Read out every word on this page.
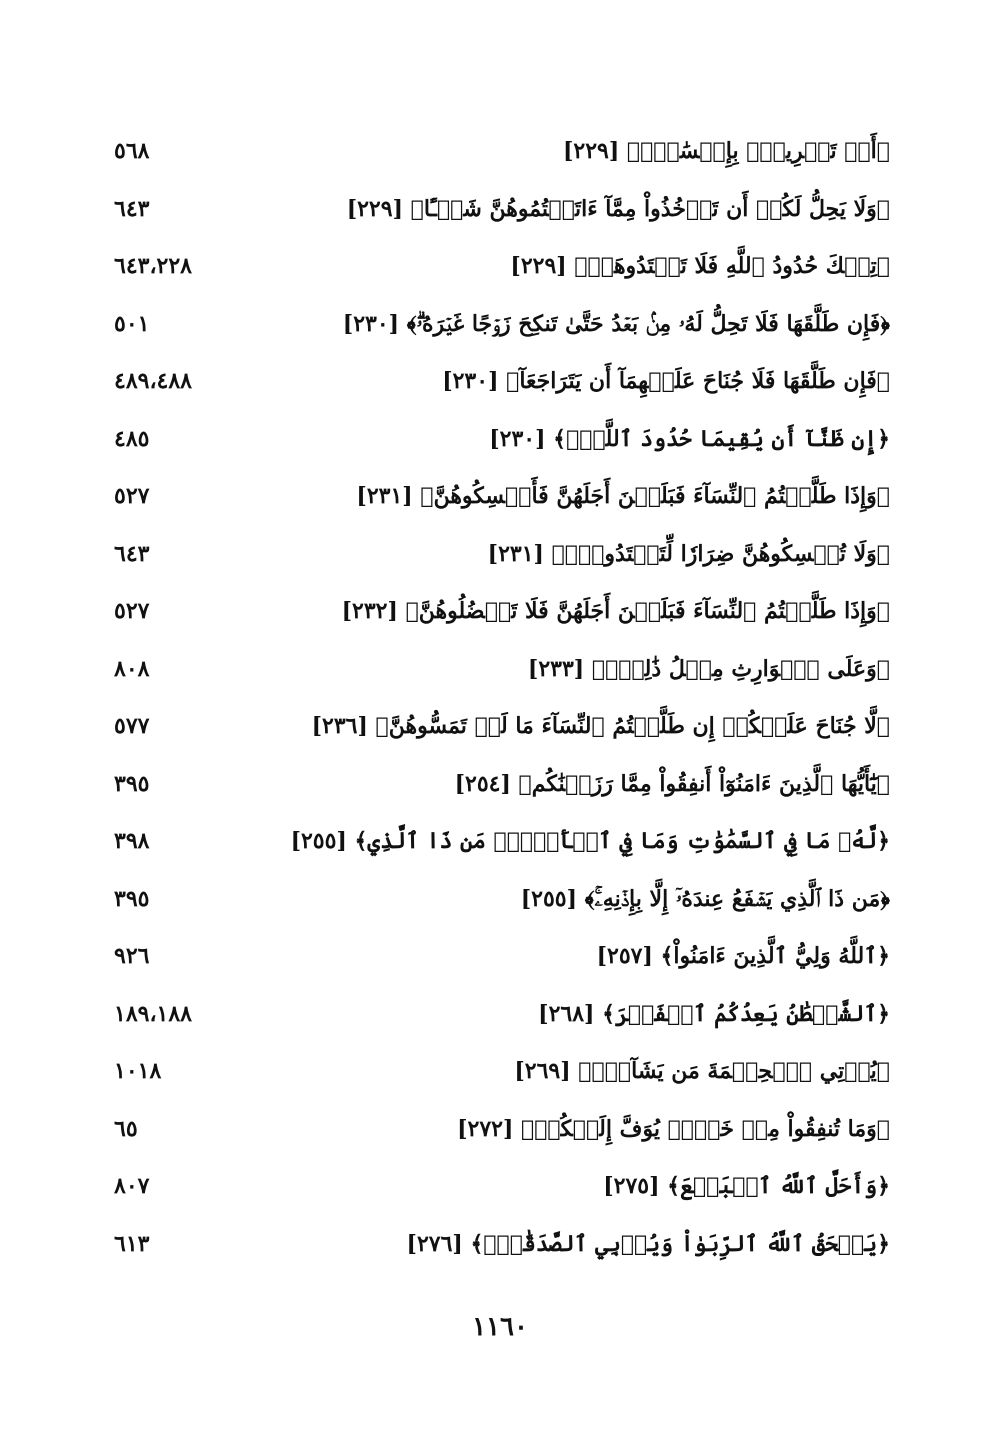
﴿أَوۡ تَسۡرِيحُۢ بِإِحۡسَٰنٖۗ﴾ [٢٢٩]
٥٦٨
﴿وَلَا يَحِلُّ لَكُمۡ أَن تَأۡخُذُواْ مِمَّآ ءَاتَيۡتُمُوهُنَّ شَيۡـًٔا﴾ [٢٢٩]
٦٤٣
﴿تِلۡكَ حُدُودُ ٱللَّهِ فَلَا تَعۡتَدُوهَاۚ﴾ [٢٢٩]
٦٤٣،٢٢٨
﴿فَإِن طَلَّقَهَا فَلَا تَحِلُّ لَهُۥ مِنۢ بَعۡدُ حَتَّىٰ تَنكِحَ زَوۡجًا غَيۡرَهُۥۗ﴾ [٢٣٠]
٥٠١
﴿فَإِن طَلَّقَهَا فَلَا جُنَاحَ عَلَيۡهِمَآ أَن يَتَرَاجَعَآ﴾ [٢٣٠]
٤٨٩،٤٨٨
﴿إِن ظَنَّآ أَن يُقِيمَا حُدُودَ ٱللَّهِۗ﴾ [٢٣٠]
٤٨٥
﴿وَإِذَا طَلَّقۡتُمُ ٱلنِّسَآءَ فَبَلَغۡنَ أَجَلَهُنَّ فَأَمۡسِكُوهُنَّ﴾ [٢٣١]
٥٢٧
﴿وَلَا تُمۡسِكُوهُنَّ ضِرَارٗا لِّتَعۡتَدُواْۚ﴾ [٢٣١]
٦٤٣
﴿وَإِذَا طَلَّقۡتُمُ ٱلنِّسَآءَ فَبَلَغۡنَ أَجَلَهُنَّ فَلَا تَعۡضُلُوهُنَّ﴾ [٢٣٢]
٥٢٧
﴿وَعَلَى ٱلۡوَارِثِ مِثۡلُ ذَٰلِكَۗ﴾ [٢٣٣]
٨٠٨
﴿لَّا جُنَاحَ عَلَيۡكُمۡ إِن طَلَّقۡتُمُ ٱلنِّسَآءَ مَا لَمۡ تَمَسُّوهُنَّ﴾ [٢٣٦]
٥٧٧
﴿يَٰٓأَيُّهَا ٱلَّذِينَ ءَامَنُوٓاْ أَنفِقُواْ مِمَّا رَزَقۡنَٰكُم﴾ [٢٥٤]
٣٩٥
﴿لَّهُۥ مَا فِي ٱلسَّمَٰوَٰتِ وَمَا فِي ٱلۡأَرۡضِۗ مَن ذَا ٱلَّذِي﴾ [٢٥٥]
٣٩٨
﴿مَن ذَا ٱلَّذِي يَشۡفَعُ عِندَهُۥٓ إِلَّا بِإِذۡنِهِۦۚ﴾ [٢٥٥]
٣٩٥
﴿ٱللَّهُ وَلِيُّ ٱلَّذِينَ ءَامَنُواْ﴾ [٢٥٧]
٩٢٦
﴿ٱلشَّيۡطَٰنُ يَعِدُكُمُ ٱلۡفَقۡرَ﴾ [٢٦٨]
١٨٩،١٨٨
﴿يُؤۡتِي ٱلۡحِكۡمَةَ مَن يَشَآءُۚ﴾ [٢٦٩]
١٠١٨
﴿وَمَا تُنفِقُواْ مِنۡ خَيۡرٖ يُوَفَّ إِلَيۡكُمۡ﴾ [٢٧٢]
٦٥
﴿وَأَحَلَّ ٱللَّهُ ٱلۡبَيۡعَ﴾ [٢٧٥]
٨٠٧
﴿يَمۡحَقُ ٱللَّهُ ٱلرِّبَوٰاْ وَيُرۡبِي ٱلصَّدَقَٰتِۗ﴾ [٢٧٦]
٦١٣
١١٦٠
